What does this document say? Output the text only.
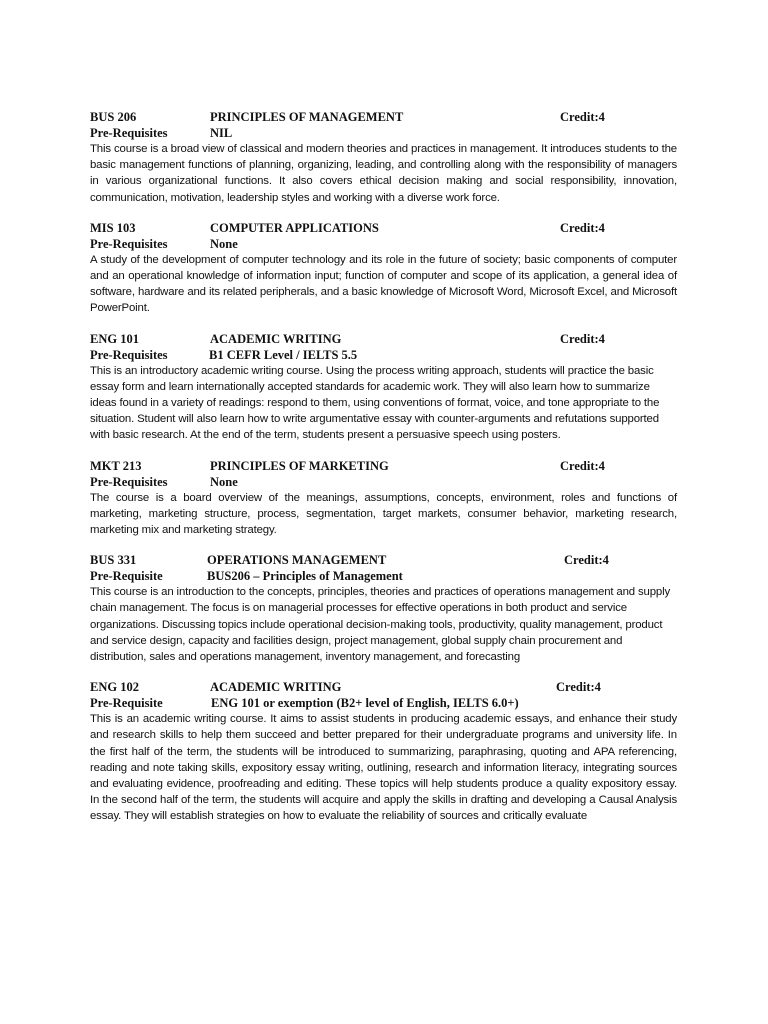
BUS 206	PRINCIPLES OF MANAGEMENT	Credit:4
Pre-Requisites	NIL

This course is a broad view of classical and modern theories and practices in management. It introduces students to the basic management functions of planning, organizing, leading, and controlling along with the responsibility of managers in various organizational functions. It also covers ethical decision making and social responsibility, innovation, communication, motivation, leadership styles and working with a diverse work force.

MIS 103	COMPUTER APPLICATIONS	Credit:4
Pre-Requisites	None

A study of the development of computer technology and its role in the future of society; basic components of computer and an operational knowledge of information input; function of computer and scope of its application, a general idea of software, hardware and its related peripherals, and a basic knowledge of Microsoft Word, Microsoft Excel, and Microsoft PowerPoint.

ENG 101	ACADEMIC WRITING	Credit:4
Pre-Requisites	B1 CEFR Level / IELTS 5.5

This is an introductory academic writing course. Using the process writing approach, students will practice the basic essay form and learn internationally accepted standards for academic work. They will also learn how to summarize ideas found in a variety of readings: respond to them, using conventions of format, voice, and tone appropriate to the situation. Student will also learn how to write argumentative essay with counter-arguments and refutations supported with basic research. At the end of the term, students present a persuasive speech using posters.

MKT 213	PRINCIPLES OF MARKETING	Credit:4
Pre-Requisites	None

The course is a board overview of the meanings, assumptions, concepts, environment, roles and functions of marketing, marketing structure, process, segmentation, target markets, consumer behavior, marketing research, marketing mix and marketing strategy.

BUS 331	OPERATIONS MANAGEMENT	Credit:4
Pre-Requisite	BUS206 – Principles of Management

This course is an introduction to the concepts, principles, theories and practices of operations management and supply chain management. The focus is on managerial processes for effective operations in both product and service organizations. Discussing topics include operational decision-making tools, productivity, quality management, product and service design, capacity and facilities design, project management, global supply chain procurement and distribution, sales and operations management, inventory management, and forecasting

ENG 102	ACADEMIC WRITING	Credit:4
Pre-Requisite	ENG 101 or exemption (B2+ level of English, IELTS 6.0+)

This is an academic writing course. It aims to assist students in producing academic essays, and enhance their study and research skills to help them succeed and better prepared for their undergraduate programs and university life. In the first half of the term, the students will be introduced to summarizing, paraphrasing, quoting and APA referencing, reading and note taking skills, expository essay writing, outlining, research and information literacy, integrating sources and evaluating evidence, proofreading and editing. These topics will help students produce a quality expository essay. In the second half of the term, the students will acquire and apply the skills in drafting and developing a Causal Analysis essay. They will establish strategies on how to evaluate the reliability of sources and critically evaluate
